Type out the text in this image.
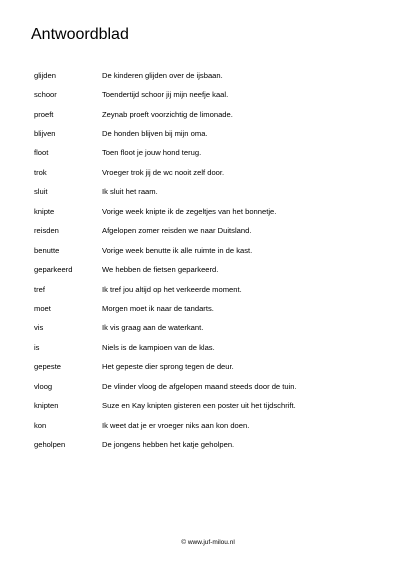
Antwoordblad
glijden	De kinderen glijden over de ijsbaan.
schoor	Toendertijd schoor jij mijn neefje kaal.
proeft	Zeynab proeft voorzichtig de limonade.
blijven	De honden blijven bij mijn oma.
floot	Toen floot je jouw hond terug.
trok	Vroeger trok jij de wc nooit zelf door.
sluit	Ik sluit het raam.
knipte	Vorige week knipte ik de zegeltjes van het bonnetje.
reisden	Afgelopen zomer reisden we naar Duitsland.
benutte	Vorige week benutte ik alle ruimte in de kast.
geparkeerd	We hebben de fietsen geparkeerd.
tref	Ik tref jou altijd op het verkeerde moment.
moet	Morgen moet ik naar de tandarts.
vis	Ik vis graag aan de waterkant.
is	Niels is de kampioen van de klas.
gepeste	Het gepeste dier sprong tegen de deur.
vloog	De vlinder vloog de afgelopen maand steeds door de tuin.
knipten	Suze en Kay knipten gisteren een poster uit het tijdschrift.
kon	Ik weet dat je er vroeger niks aan kon doen.
geholpen	De jongens hebben het katje geholpen.
© www.juf-milou.nl
